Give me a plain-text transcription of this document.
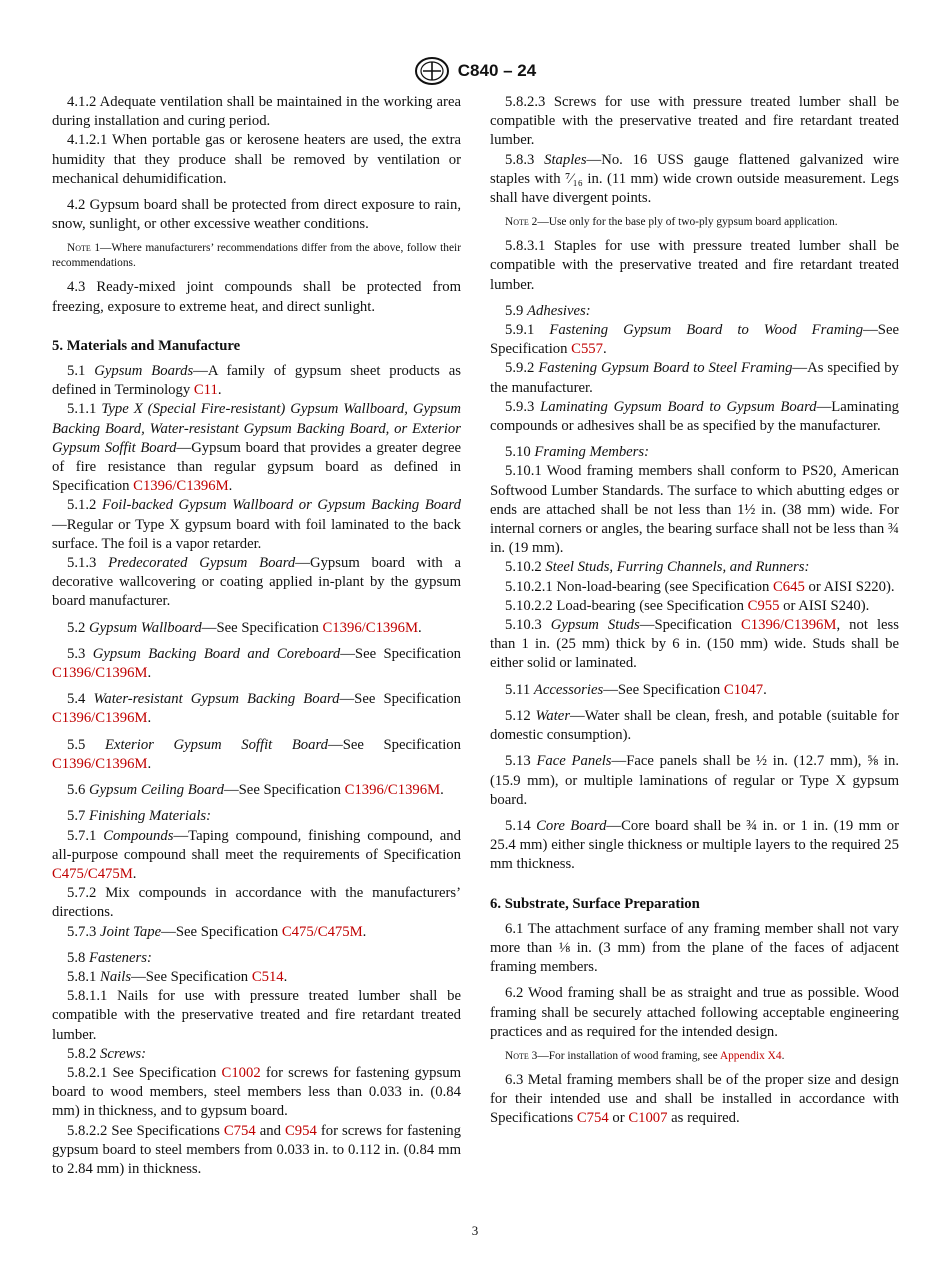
C840 – 24

4.1.2 Adequate ventilation shall be maintained in the working area during installation and curing period.

4.1.2.1 When portable gas or kerosene heaters are used, the extra humidity that they produce shall be removed by ventilation or mechanical dehumidification.

4.2 Gypsum board shall be protected from direct exposure to rain, snow, sunlight, or other excessive weather conditions.

Note 1—Where manufacturers’ recommendations differ from the above, follow their recommendations.

4.3 Ready-mixed joint compounds shall be protected from freezing, exposure to extreme heat, and direct sunlight.

5. Materials and Manufacture

5.1 Gypsum Boards—A family of gypsum sheet products as defined in Terminology C11.

5.1.1 Type X (Special Fire-resistant) Gypsum Wallboard, Gypsum Backing Board, Water-resistant Gypsum Backing Board, or Exterior Gypsum Soffit Board—Gypsum board that provides a greater degree of fire resistance than regular gypsum board as defined in Specification C1396/C1396M.

5.1.2 Foil-backed Gypsum Wallboard or Gypsum Backing Board—Regular or Type X gypsum board with foil laminated to the back surface. The foil is a vapor retarder.

5.1.3 Predecorated Gypsum Board—Gypsum board with a decorative wallcovering or coating applied in-plant by the gypsum board manufacturer.

5.2 Gypsum Wallboard—See Specification C1396/C1396M.

5.3 Gypsum Backing Board and Coreboard—See Specification C1396/C1396M.

5.4 Water-resistant Gypsum Backing Board—See Specification C1396/C1396M.

5.5 Exterior Gypsum Soffit Board—See Specification C1396/C1396M.

5.6 Gypsum Ceiling Board—See Specification C1396/C1396M.

5.7 Finishing Materials:

5.7.1 Compounds—Taping compound, finishing compound, and all-purpose compound shall meet the requirements of Specification C475/C475M.

5.7.2 Mix compounds in accordance with the manufacturers’ directions.

5.7.3 Joint Tape—See Specification C475/C475M.

5.8 Fasteners:

5.8.1 Nails—See Specification C514.

5.8.1.1 Nails for use with pressure treated lumber shall be compatible with the preservative treated and fire retardant treated lumber.

5.8.2 Screws:

5.8.2.1 See Specification C1002 for screws for fastening gypsum board to wood members, steel members less than 0.033 in. (0.84 mm) in thickness, and to gypsum board.

5.8.2.2 See Specifications C754 and C954 for screws for fastening gypsum board to steel members from 0.033 in. to 0.112 in. (0.84 mm to 2.84 mm) in thickness.

5.8.2.3 Screws for use with pressure treated lumber shall be compatible with the preservative treated and fire retardant treated lumber.

5.8.3 Staples—No. 16 USS gauge flattened galvanized wire staples with ⁷⁄₁₆ in. (11 mm) wide crown outside measurement. Legs shall have divergent points.

Note 2—Use only for the base ply of two-ply gypsum board application.

5.8.3.1 Staples for use with pressure treated lumber shall be compatible with the preservative treated and fire retardant treated lumber.

5.9 Adhesives:

5.9.1 Fastening Gypsum Board to Wood Framing—See Specification C557.

5.9.2 Fastening Gypsum Board to Steel Framing—As specified by the manufacturer.

5.9.3 Laminating Gypsum Board to Gypsum Board—Laminating compounds or adhesives shall be as specified by the manufacturer.

5.10 Framing Members:

5.10.1 Wood framing members shall conform to PS20, American Softwood Lumber Standards. The surface to which abutting edges or ends are attached shall be not less than 1½ in. (38 mm) wide. For internal corners or angles, the bearing surface shall not be less than ¾ in. (19 mm).

5.10.2 Steel Studs, Furring Channels, and Runners:

5.10.2.1 Non-load-bearing (see Specification C645 or AISI S220).

5.10.2.2 Load-bearing (see Specification C955 or AISI S240).

5.10.3 Gypsum Studs—Specification C1396/C1396M, not less than 1 in. (25 mm) thick by 6 in. (150 mm) wide. Studs shall be either solid or laminated.

5.11 Accessories—See Specification C1047.

5.12 Water—Water shall be clean, fresh, and potable (suitable for domestic consumption).

5.13 Face Panels—Face panels shall be ½ in. (12.7 mm), ⅝ in. (15.9 mm), or multiple laminations of regular or Type X gypsum board.

5.14 Core Board—Core board shall be ¾ in. or 1 in. (19 mm or 25.4 mm) either single thickness or multiple layers to the required 25 mm thickness.

6. Substrate, Surface Preparation

6.1 The attachment surface of any framing member shall not vary more than ⅛ in. (3 mm) from the plane of the faces of adjacent framing members.

6.2 Wood framing shall be as straight and true as possible. Wood framing shall be securely attached following acceptable engineering practices and as required for the intended design.

Note 3—For installation of wood framing, see Appendix X4.

6.3 Metal framing members shall be of the proper size and design for their intended use and shall be installed in accordance with Specifications C754 or C1007 as required.

3
